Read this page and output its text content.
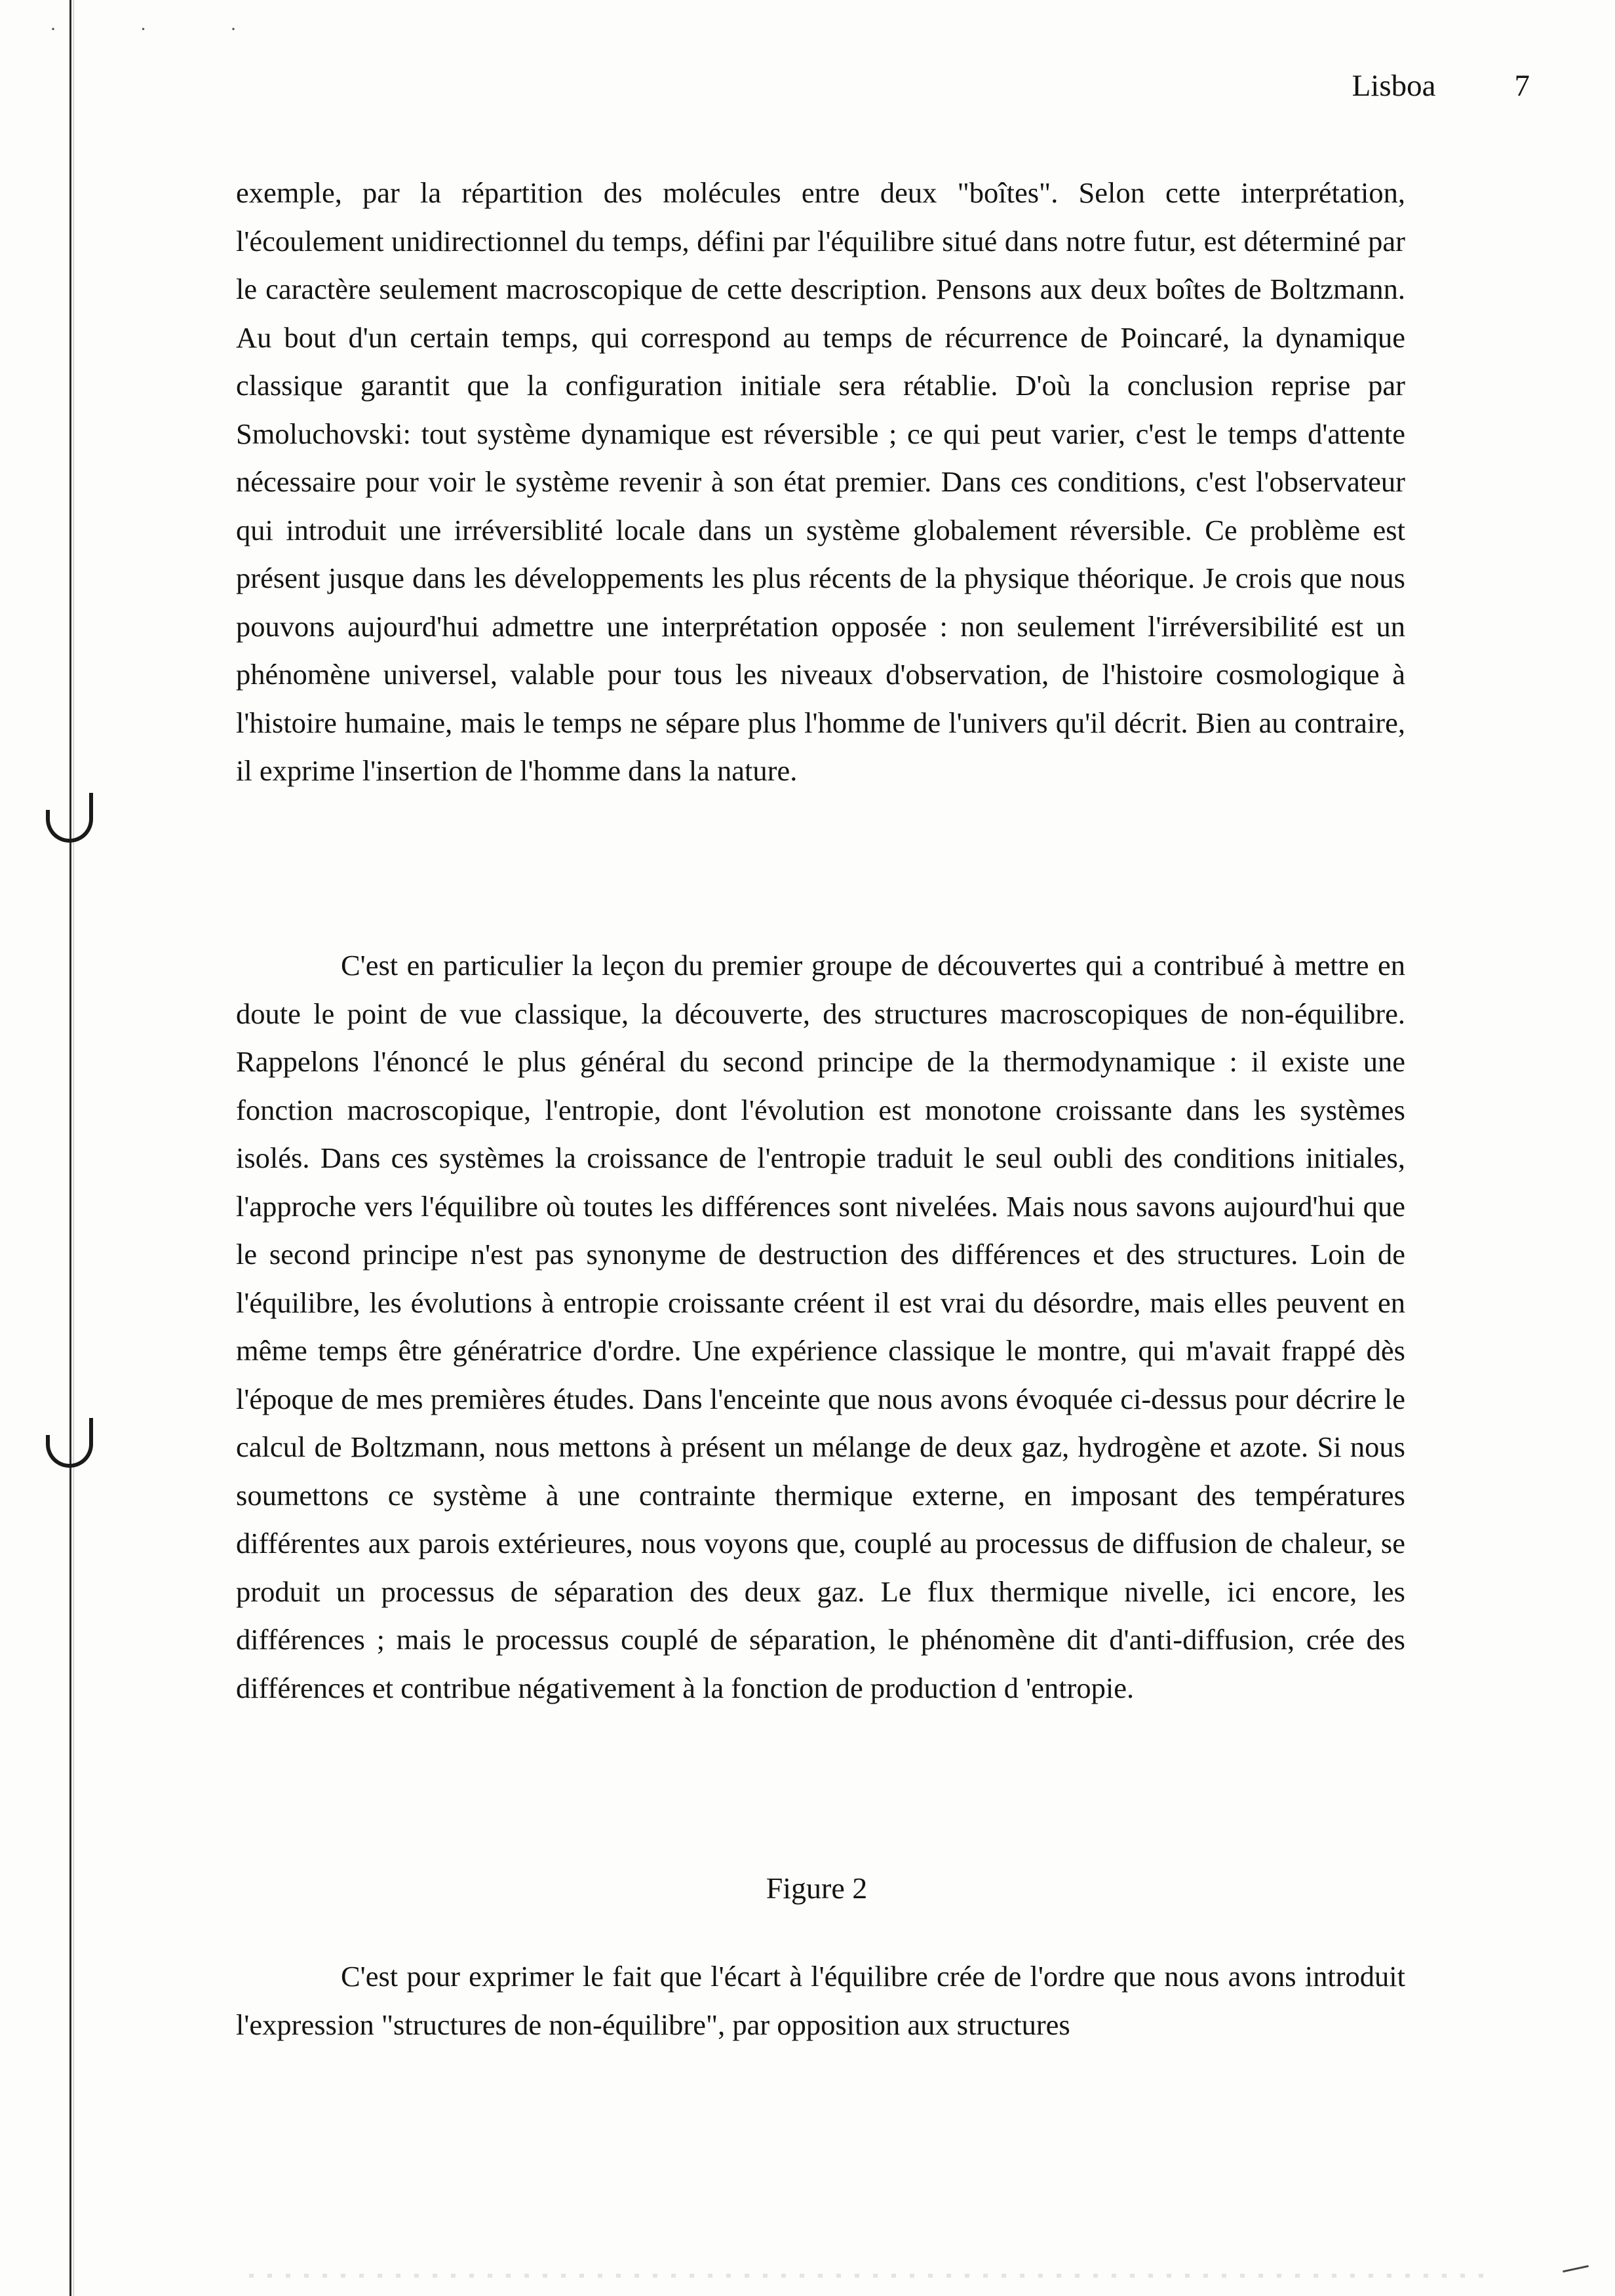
· · ·
Lisboa	7

exemple, par la répartition des molécules entre deux "boîtes". Selon cette interprétation, l'écoulement unidirectionnel du temps, défini par l'équilibre situé dans notre futur, est déterminé par le caractère seulement macroscopique de cette description. Pensons aux deux boîtes de Boltzmann. Au bout d'un certain temps, qui correspond au temps de récurrence de Poincaré, la dynamique classique garantit que la configuration initiale sera rétablie. D'où la conclusion reprise par Smoluchovski: tout système dynamique est réversible ; ce qui peut varier, c'est le temps d'attente nécessaire pour voir le système revenir à son état premier. Dans ces conditions, c'est l'observateur qui introduit une irréversiblité locale dans un système globalement réversible. Ce problème est présent jusque dans les développements les plus récents de la physique théorique. Je crois que nous pouvons aujourd'hui admettre une interprétation opposée : non seulement l'irréversibilité est un phénomène universel, valable pour tous les niveaux d'observation, de l'histoire cosmologique à l'histoire humaine, mais le temps ne sépare plus l'homme de l'univers qu'il décrit. Bien au contraire, il exprime l'insertion de l'homme dans la nature.

C'est en particulier la leçon du premier groupe de découvertes qui a contribué à mettre en doute le point de vue classique, la découverte, des structures macroscopiques de non-équilibre. Rappelons l'énoncé le plus général du second principe de la thermodynamique : il existe une fonction macroscopique, l'entropie, dont l'évolution est monotone croissante dans les systèmes isolés. Dans ces systèmes la croissance de l'entropie traduit le seul oubli des conditions initiales, l'approche vers l'équilibre où toutes les différences sont nivelées. Mais nous savons aujourd'hui que le second principe n'est pas synonyme de destruction des différences et des structures. Loin de l'équilibre, les évolutions à entropie croissante créent il est vrai du désordre, mais elles peuvent en même temps être génératrice d'ordre. Une expérience classique le montre, qui m'avait frappé dès l'époque de mes premières études. Dans l'enceinte que nous avons évoquée ci-dessus pour décrire le calcul de Boltzmann, nous mettons à présent un mélange de deux gaz, hydrogène et azote. Si nous soumettons ce système à une contrainte thermique externe, en imposant des températures différentes aux parois extérieures, nous voyons que, couplé au processus de diffusion de chaleur, se produit un processus de séparation des deux gaz. Le flux thermique nivelle, ici encore, les différences ; mais le processus couplé de séparation, le phénomène dit d'anti-diffusion, crée des différences et contribue négativement à la fonction de production d 'entropie.

Figure 2

C'est pour exprimer le fait que l'écart à l'équilibre crée de l'ordre que nous avons introduit l'expression "structures de non-équilibre", par opposition aux structures
